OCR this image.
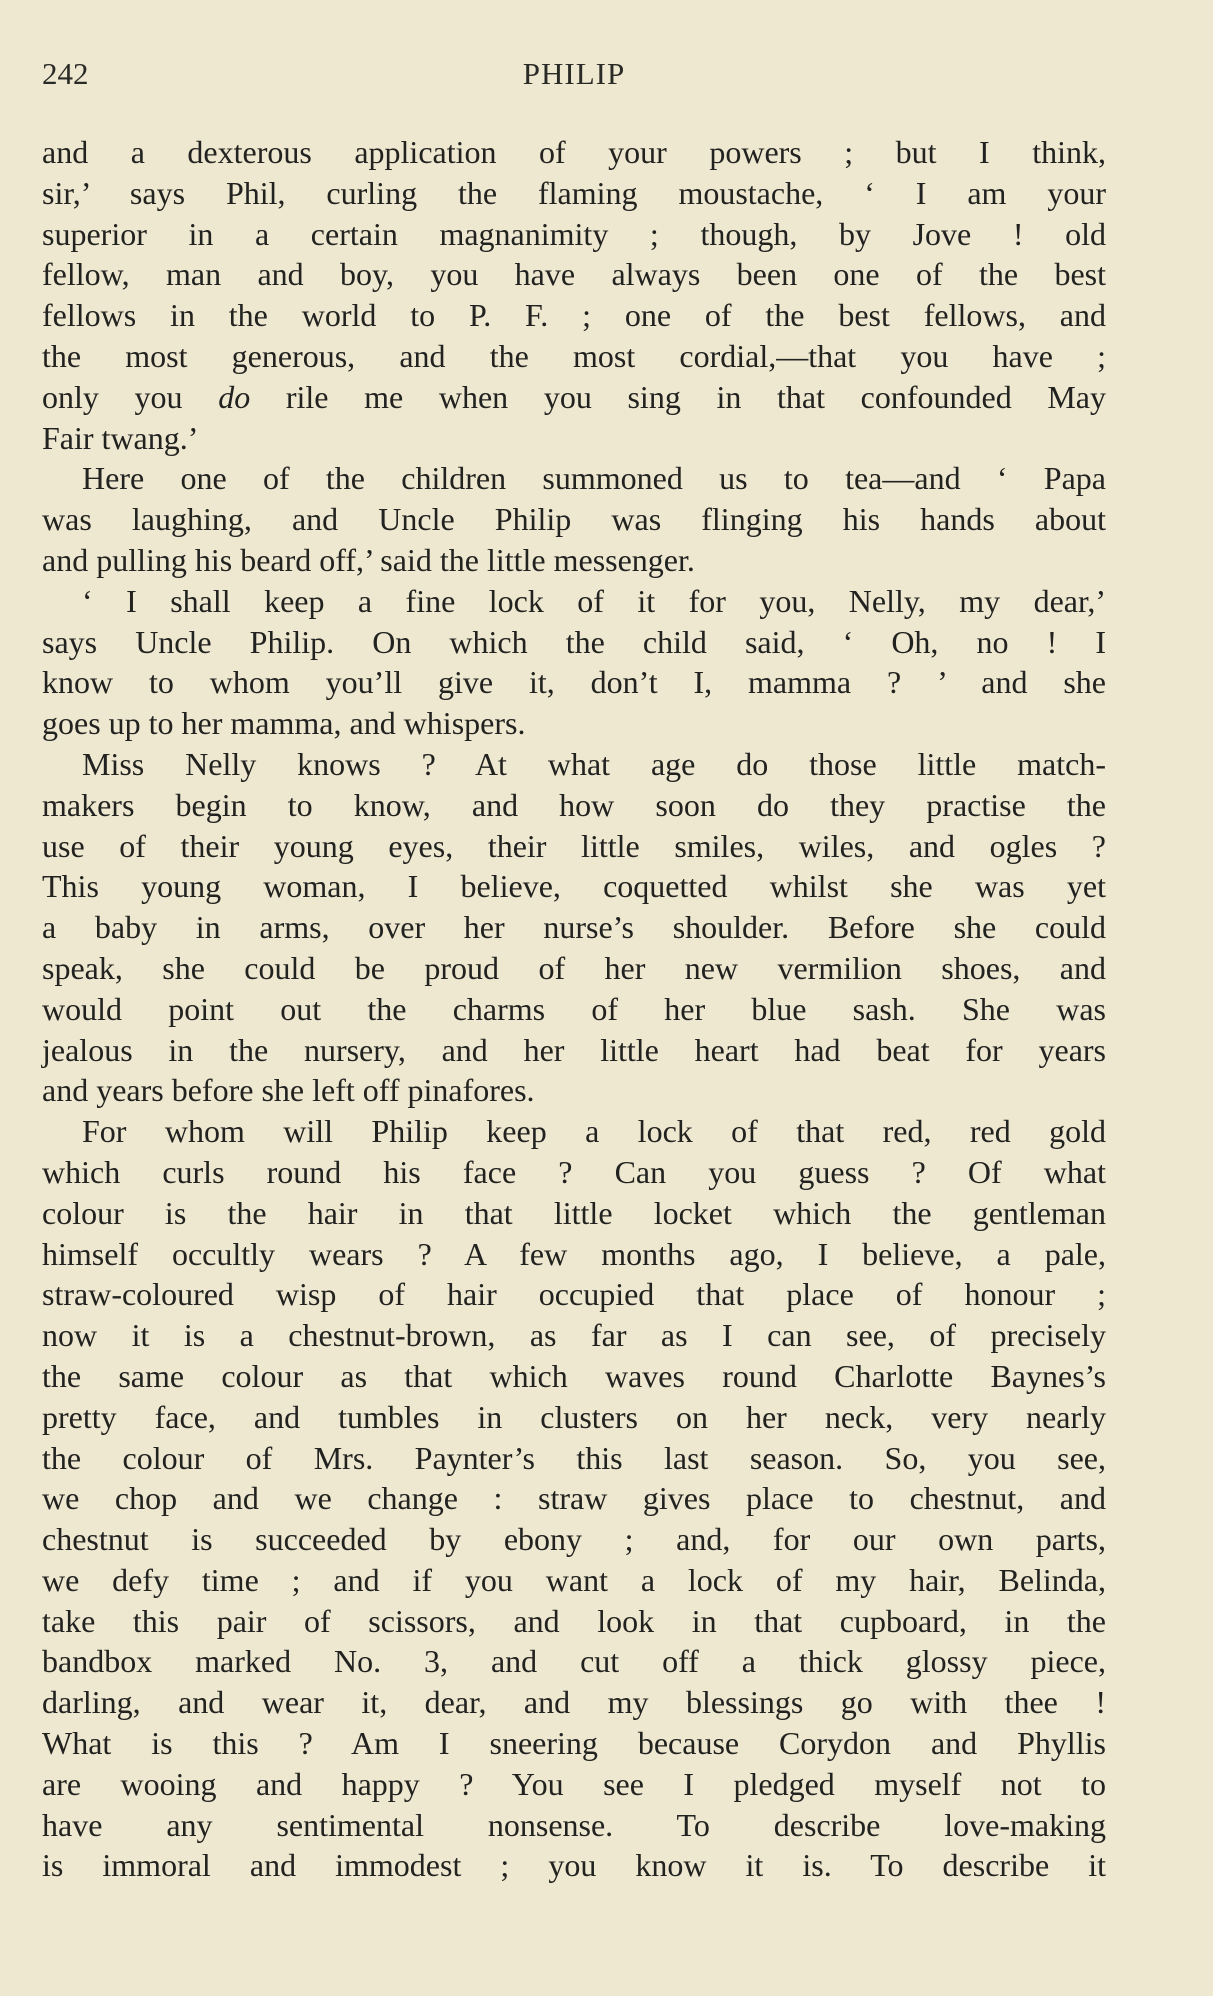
242	PHILIP
and a dexterous application of your powers ; but I think,
sir,’ says Phil, curling the flaming moustache, ‘ I am your
superior in a certain magnanimity ; though, by Jove ! old
fellow, man and boy, you have always been one of the best
fellows in the world to P. F. ; one of the best fellows, and
the most generous, and the most cordial,—that you have ;
only you do rile me when you sing in that confounded May
Fair twang.’
Here one of the children summoned us to tea—and ‘ Papa
was laughing, and Uncle Philip was flinging his hands about
and pulling his beard off,’ said the little messenger.
‘ I shall keep a fine lock of it for you, Nelly, my dear,’
says Uncle Philip. On which the child said, ‘ Oh, no ! I
know to whom you’ll give it, don’t I, mamma ? ’ and she
goes up to her mamma, and whispers.
Miss Nelly knows ? At what age do those little match-
makers begin to know, and how soon do they practise the
use of their young eyes, their little smiles, wiles, and ogles ?
This young woman, I believe, coquetted whilst she was yet
a baby in arms, over her nurse’s shoulder. Before she could
speak, she could be proud of her new vermilion shoes, and
would point out the charms of her blue sash. She was
jealous in the nursery, and her little heart had beat for years
and years before she left off pinafores.
For whom will Philip keep a lock of that red, red gold
which curls round his face ? Can you guess ? Of what
colour is the hair in that little locket which the gentleman
himself occultly wears ? A few months ago, I believe, a pale,
straw-coloured wisp of hair occupied that place of honour ;
now it is a chestnut-brown, as far as I can see, of precisely
the same colour as that which waves round Charlotte Baynes’s
pretty face, and tumbles in clusters on her neck, very nearly
the colour of Mrs. Paynter’s this last season. So, you see,
we chop and we change : straw gives place to chestnut, and
chestnut is succeeded by ebony ; and, for our own parts,
we defy time ; and if you want a lock of my hair, Belinda,
take this pair of scissors, and look in that cupboard, in the
bandbox marked No. 3, and cut off a thick glossy piece,
darling, and wear it, dear, and my blessings go with thee !
What is this ? Am I sneering because Corydon and Phyllis
are wooing and happy ? You see I pledged myself not to
have any sentimental nonsense. To describe love-making
is immoral and immodest ; you know it is. To describe it
